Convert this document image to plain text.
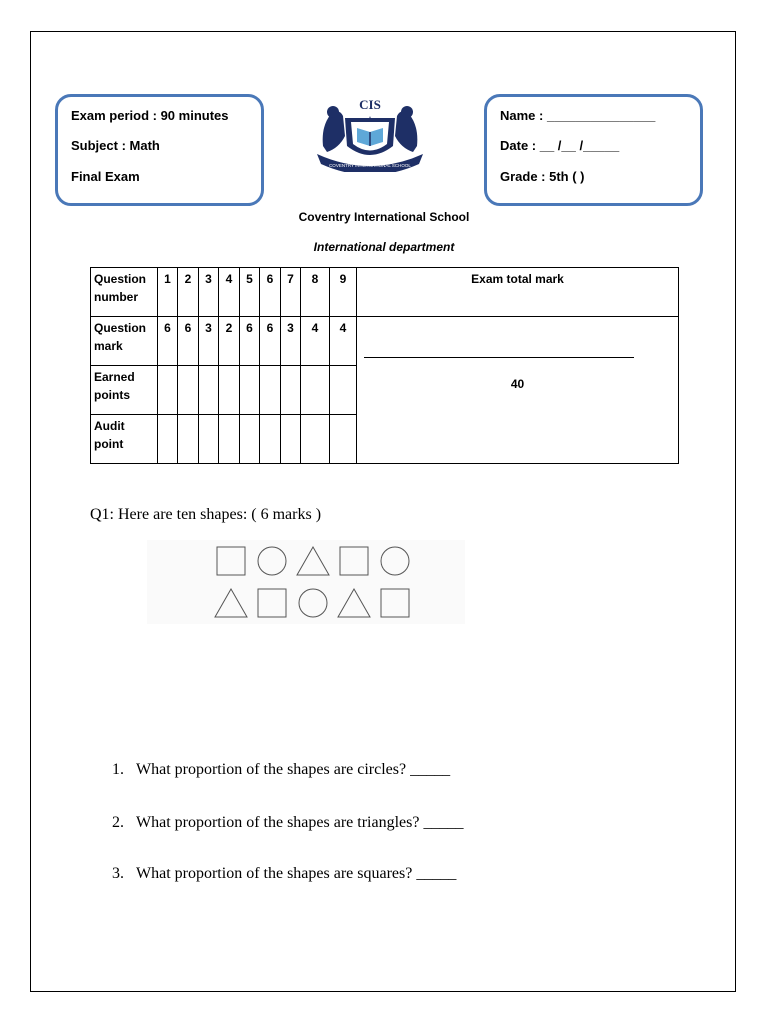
Exam period : 90 minutes
Subject : Math
Final Exam
Name : _______________
Date : __ /__ /_____
Grade : 5th ( )
COVENTRY INTERNATIONAL SCHOOL
CIS
Coventry International School
International department
Question number	1	2	3	4	5	6	7	8	9	Exam total mark
Question mark	6	6	3	2	6	6	3	4	4	40

Earned points										
Audit point										
Q1: Here are ten shapes: ( 6 marks )
1. What proportion of the shapes are circles? _____
2. What proportion of the shapes are triangles? _____
3. What proportion of the shapes are squares? _____
